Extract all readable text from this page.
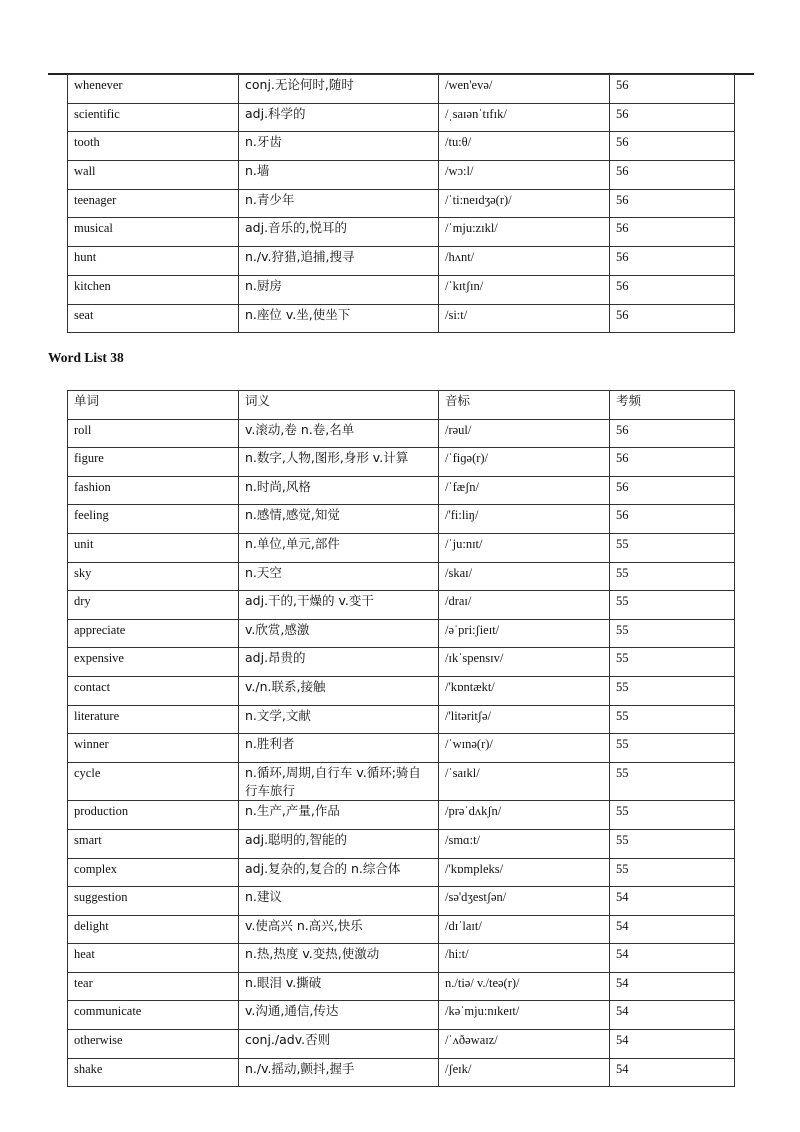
whenever	conj.无论何时,随时	/wen'evə/	56
scientific	adj.科学的	/ˌsaɪənˈtɪfɪk/	56
tooth	n.牙齿	/tu:θ/	56
wall	n.墙	/wɔ:l/	56
teenager	n.青少年	/ˈti:neɪdʒə(r)/	56
musical	adj.音乐的,悦耳的	/ˈmju:zɪkl/	56
hunt	n./v.狩猎,追捕,搜寻	/hʌnt/	56
kitchen	n.厨房	/ˈkɪtʃɪn/	56
seat	n.座位 v.坐,使坐下	/si:t/	56
Word List 38
单词	词义	音标	考频
roll	v.滚动,卷 n.卷,名单	/rəul/	56
figure	n.数字,人物,图形,身形 v.计算	/ˈfiɡə(r)/	56
fashion	n.时尚,风格	/ˈfæʃn/	56
feeling	n.感情,感觉,知觉	/'fi:liŋ/	56
unit	n.单位,单元,部件	/ˈju:nɪt/	55
sky	n.天空	/skaɪ/	55
dry	adj.干的,干燥的 v.变干	/draɪ/	55
appreciate	v.欣赏,感激	/əˈpri:ʃieɪt/	55
expensive	adj.昂贵的	/ɪkˈspensɪv/	55
contact	v./n.联系,接触	/'kɒntækt/	55
literature	n.文学,文献	/'litəritʃə/	55
winner	n.胜利者	/ˈwɪnə(r)/	55
cycle	n.循环,周期,自行车 v.循环;骑自行车旅行	/ˈsaɪkl/	55
production	n.生产,产量,作品	/prəˈdʌkʃn/	55
smart	adj.聪明的,智能的	/smɑ:t/	55
complex	adj.复杂的,复合的 n.综合体	/'kɒmpleks/	55
suggestion	n.建议	/sə'dʒestʃən/	54
delight	v.使高兴 n.高兴,快乐	/dɪˈlaɪt/	54
heat	n.热,热度 v.变热,使激动	/hi:t/	54
tear	n.眼泪 v.撕破	n./tiə/ v./teə(r)/	54
communicate	v.沟通,通信,传达	/kəˈmju:nɪkeɪt/	54
otherwise	conj./adv.否则	/ˈʌðəwaɪz/	54
shake	n./v.摇动,颤抖,握手	/ʃeɪk/	54
